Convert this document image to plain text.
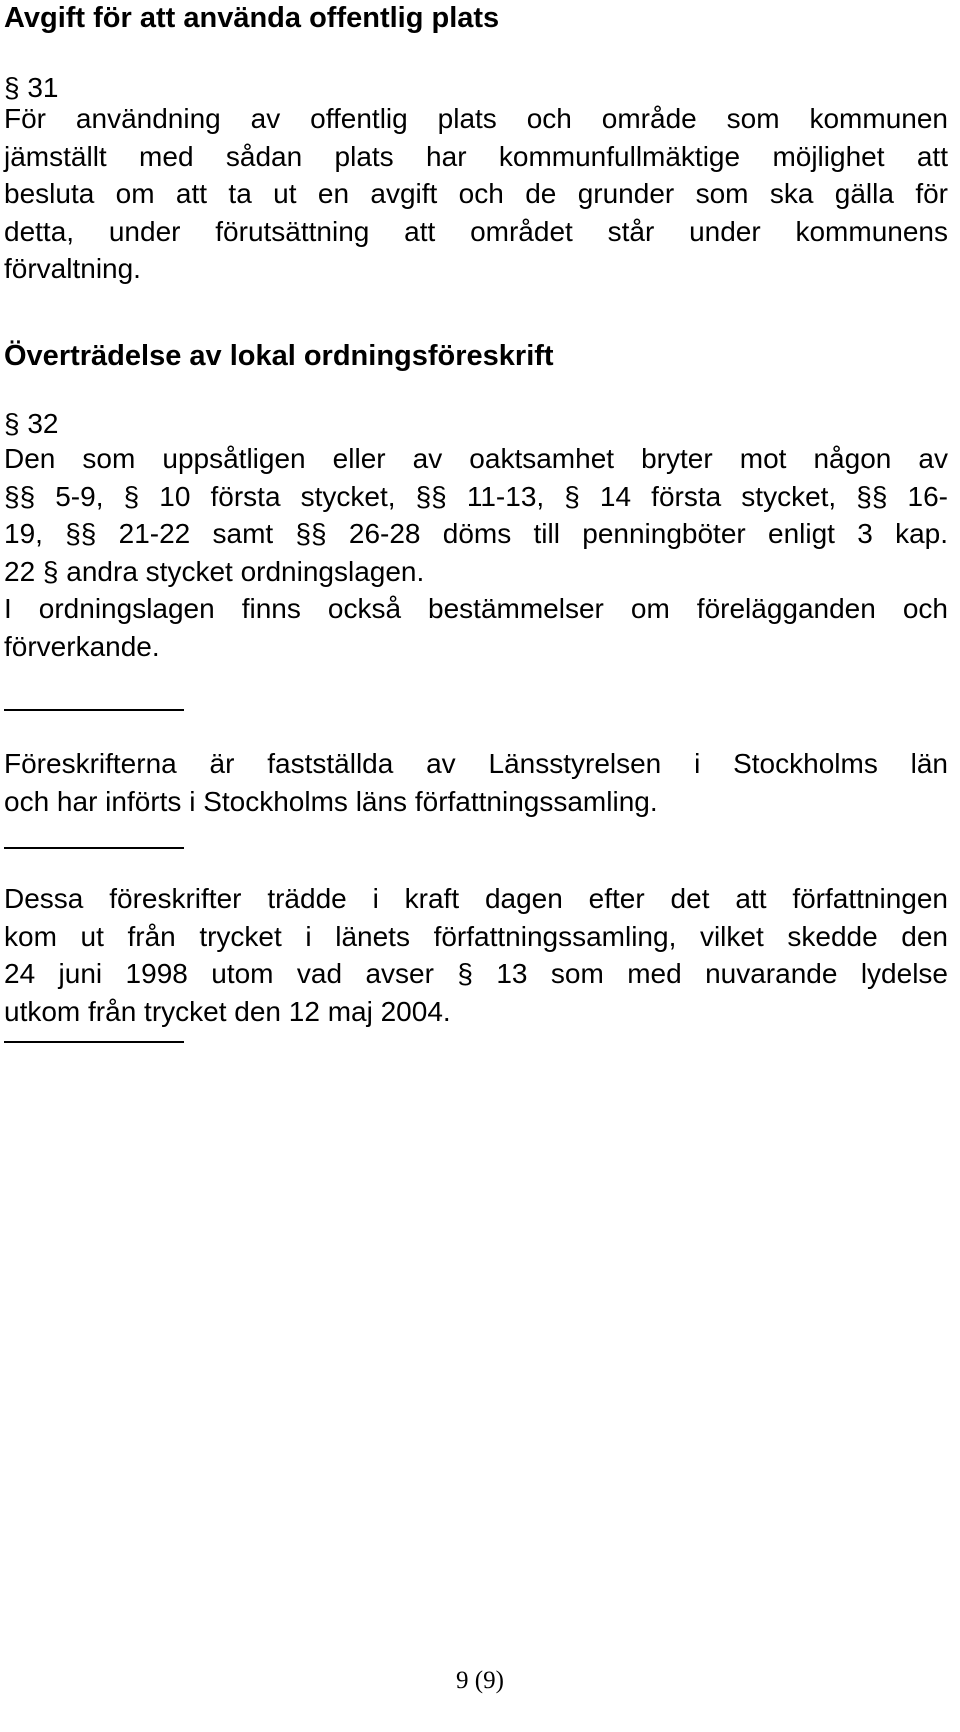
Avgift för att använda offentlig plats
§ 31
För användning av offentlig plats och område som kommunen
jämställt med sådan plats har kommunfullmäktige möjlighet att
besluta om att ta ut en avgift och de grunder som ska gälla för
detta, under förutsättning att området står under kommunens
förvaltning.
Överträdelse av lokal ordningsföreskrift
§ 32
Den som uppsåtligen eller av oaktsamhet bryter mot någon av
§§ 5-9, § 10 första stycket, §§ 11-13, § 14 första stycket, §§ 16-
19, §§ 21-22 samt §§ 26-28 döms till penningböter enligt 3 kap.
22 § andra stycket ordningslagen.
I ordningslagen finns också bestämmelser om förelägganden och
förverkande.
Föreskrifterna är fastställda av Länsstyrelsen i Stockholms län
och har införts i Stockholms läns författningssamling.
Dessa föreskrifter trädde i kraft dagen efter det att författningen
kom ut från trycket i länets författningssamling, vilket skedde den
24 juni 1998 utom vad avser § 13 som med nuvarande lydelse
utkom från trycket den 12 maj 2004.
9 (9)
